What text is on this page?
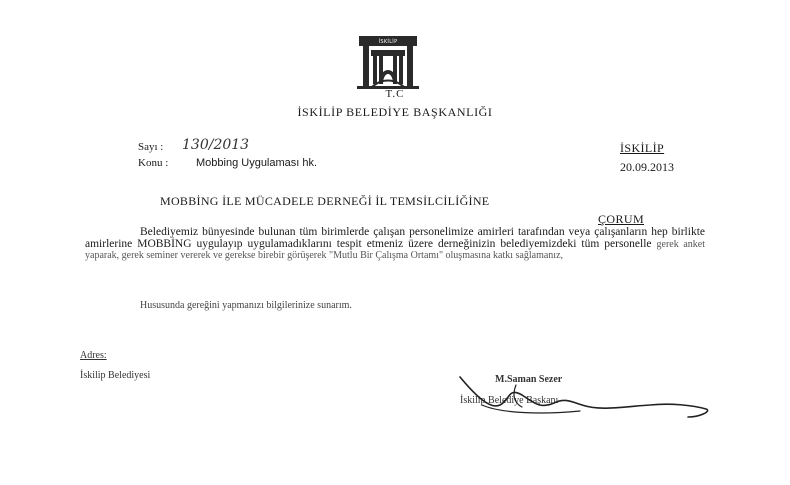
İSKİLİP
T.C
İSKİLİP BELEDİYE BAŞKANLIĞI
Sayı : 130/2013
Konu :	Mobbing Uygulaması hk.
İSKİLİP
20.09.2013
MOBBİNG İLE MÜCADELE DERNEĞİ İL TEMSİLCİLİĞİNE
ÇORUM
Belediyemiz bünyesinde bulunan tüm birimlerde çalışan personelimize amirleri tarafından veya çalışanların hep birlikte amirlerine MOBBİNG uygulayıp uygulamadıklarını tespit etmeniz üzere derneğinizin belediyemizdeki tüm personelle gerek anket yaparak, gerek seminer vererek ve gerekse birebir görüşerek "Mutlu Bir Çalışma Ortamı" oluşmasına katkı sağlamanız,
Hususunda gereğini yapmanızı bilgilerinize sunarım.
Adres:
İskilip Belediyesi	M.Saman Sezer
İskilip Belediye Başkanı
